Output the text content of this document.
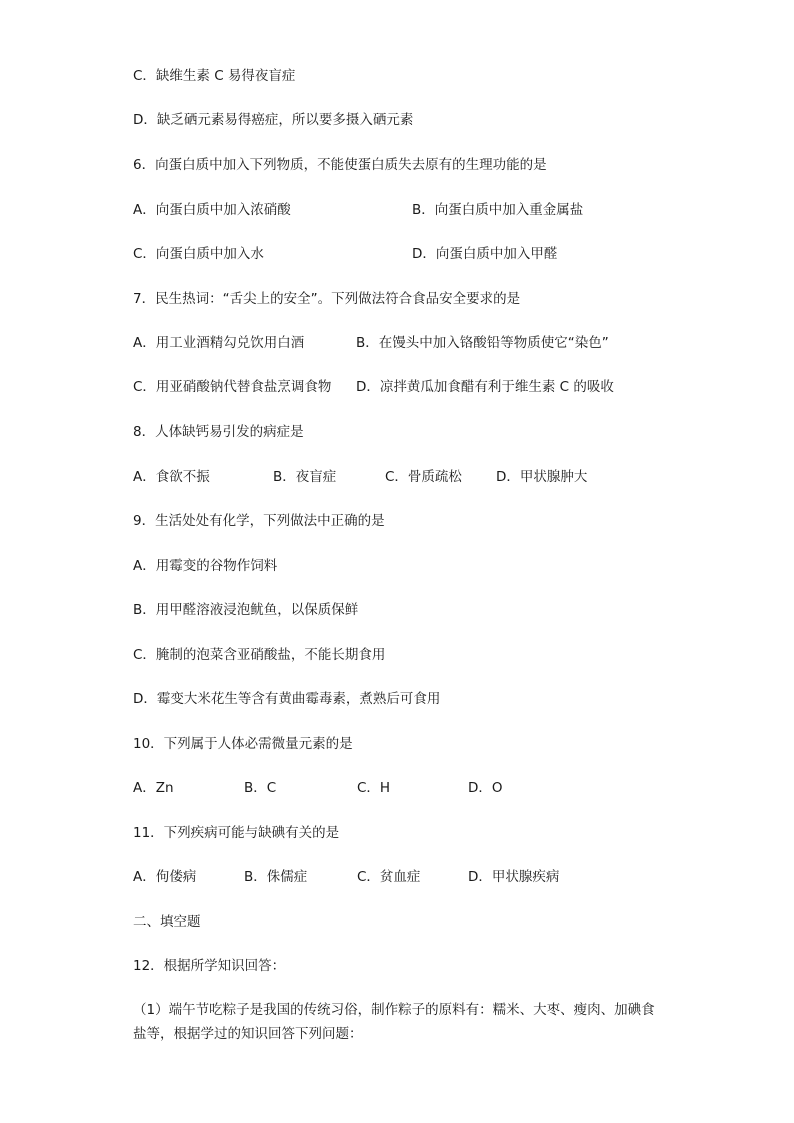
C．缺维生素 C 易得夜盲症
D．缺乏硒元素易得癌症，所以要多摄入硒元素
6．向蛋白质中加入下列物质，不能使蛋白质失去原有的生理功能的是
A．向蛋白质中加入浓硝酸	B．向蛋白质中加入重金属盐
C．向蛋白质中加入水	D．向蛋白质中加入甲醛
7．民生热词：“舌尖上的安全”。下列做法符合食品安全要求的是
A．用工业酒精勾兑饮用白酒	B．在馒头中加入铬酸铅等物质使它“染色”
C．用亚硝酸钠代替食盐烹调食物 D．凉拌黄瓜加食醋有利于维生素 C 的吸收
8．人体缺钙易引发的病症是
A．食欲不振	B．夜盲症	C．骨质疏松	D．甲状腺肿大
9．生活处处有化学，下列做法中正确的是
A．用霉变的谷物作饲料
B．用甲醛溶液浸泡鱿鱼，以保质保鲜
C．腌制的泡菜含亚硝酸盐，不能长期食用
D．霉变大米花生等含有黄曲霉毒素，煮熟后可食用
10．下列属于人体必需微量元素的是
A．Zn	B．C	C．H	D．O
11．下列疾病可能与缺碘有关的是
A．佝偻病	B．侏儒症	C．贫血症	D．甲状腺疾病
二、填空题
12．根据所学知识回答：
（1）端午节吃粽子是我国的传统习俗，制作粽子的原料有：糯米、大枣、瘦肉、加碘食盐等，根据学过的知识回答下列问题：
